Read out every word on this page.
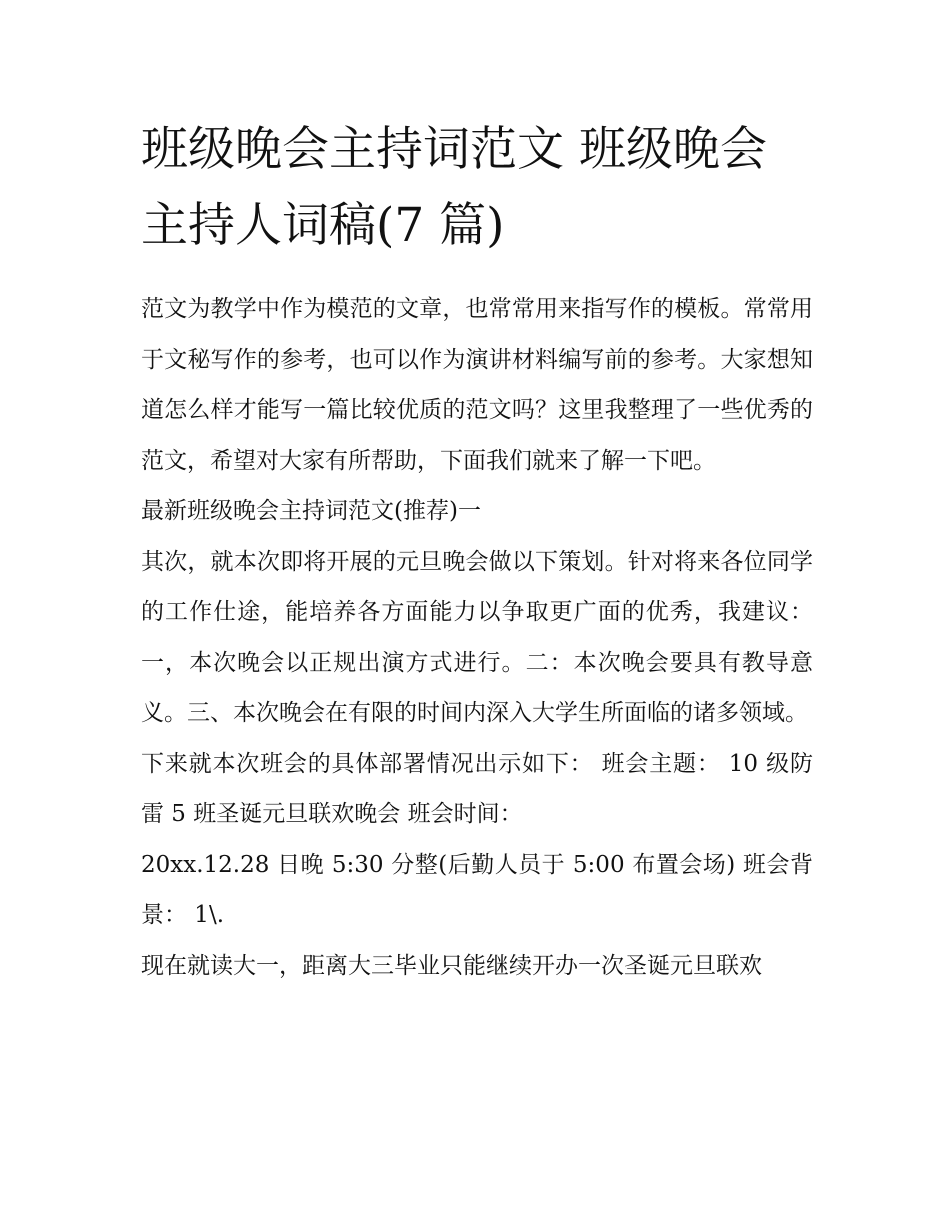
班级晚会主持词范文 班级晚会主持人词稿(7 篇)

范文为教学中作为模范的文章，也常常用来指写作的模板。常常用于文秘写作的参考，也可以作为演讲材料编写前的参考。大家想知道怎么样才能写一篇比较优质的范文吗？这里我整理了一些优秀的范文，希望对大家有所帮助，下面我们就来了解一下吧。

最新班级晚会主持词范文(推荐)一

其次，就本次即将开展的元旦晚会做以下策划。针对将来各位同学的工作仕途，能培养各方面能力以争取更广面的优秀，我建议：一，本次晚会以正规出演方式进行。二：本次晚会要具有教导意义。三、本次晚会在有限的时间内深入大学生所面临的诸多领域。

下来就本次班会的具体部署情况出示如下： 班会主题： 10 级防雷 5 班圣诞元旦联欢晚会 班会时间：

20xx.12.28 日晚 5:30 分整(后勤人员于 5:00 布置会场) 班会背景： 1\.

现在就读大一，距离大三毕业只能继续开办一次圣诞元旦联欢
